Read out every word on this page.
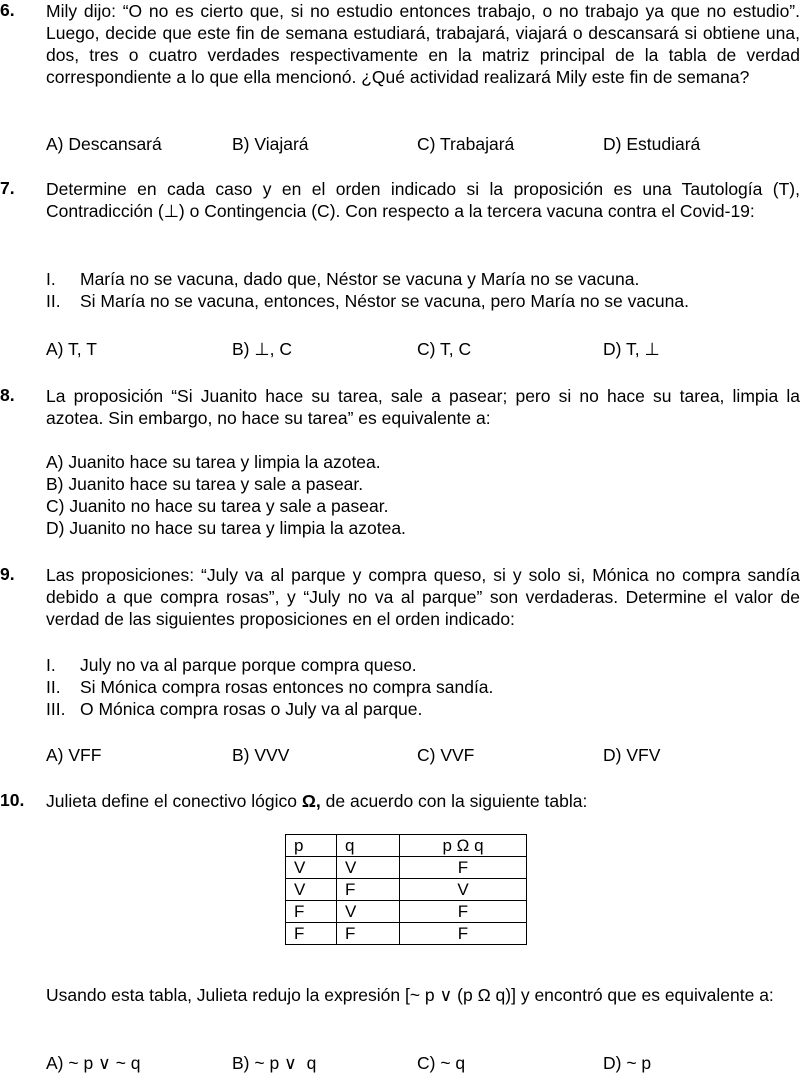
6. Mily dijo: “O no es cierto que, si no estudio entonces trabajo, o no trabajo ya que no estudio”. Luego, decide que este fin de semana estudiará, trabajará, viajará o descansará si obtiene una, dos, tres o cuatro verdades respectivamente en la matriz principal de la tabla de verdad correspondiente a lo que ella mencionó. ¿Qué actividad realizará Mily este fin de semana?
A) Descansará	B) Viajará	C) Trabajará	D) Estudiará
7. Determine en cada caso y en el orden indicado si la proposición es una Tautología (T), Contradicción (⊥) o Contingencia (C). Con respecto a la tercera vacuna contra el Covid-19:
I. María no se vacuna, dado que, Néstor se vacuna y María no se vacuna.
II. Si María no se vacuna, entonces, Néstor se vacuna, pero María no se vacuna.
A) T, T	B) ⊥, C	C) T, C	D) T, ⊥
8. La proposición “Si Juanito hace su tarea, sale a pasear; pero si no hace su tarea, limpia la azotea. Sin embargo, no hace su tarea” es equivalente a:
A) Juanito hace su tarea y limpia la azotea.
B) Juanito hace su tarea y sale a pasear.
C) Juanito no hace su tarea y sale a pasear.
D) Juanito no hace su tarea y limpia la azotea.
9. Las proposiciones: “July va al parque y compra queso, si y solo si, Mónica no compra sandía debido a que compra rosas”, y “July no va al parque” son verdaderas. Determine el valor de verdad de las siguientes proposiciones en el orden indicado:
I. July no va al parque porque compra queso.
II. Si Mónica compra rosas entonces no compra sandía.
III. O Mónica compra rosas o July va al parque.
A) VFF	B) VVV	C) VVF	D) VFV
10. Julieta define el conectivo lógico Ω, de acuerdo con la siguiente tabla:
p	q	p Ω q
V	V	F
V	F	V
F	V	F
F	F	F
Usando esta tabla, Julieta redujo la expresión [~ p ∨ (p Ω q)] y encontró que es equivalente a:
A) ~ p ∨ ~ q	B) ~ p ∨  q	C) ~ q	D) ~ p
